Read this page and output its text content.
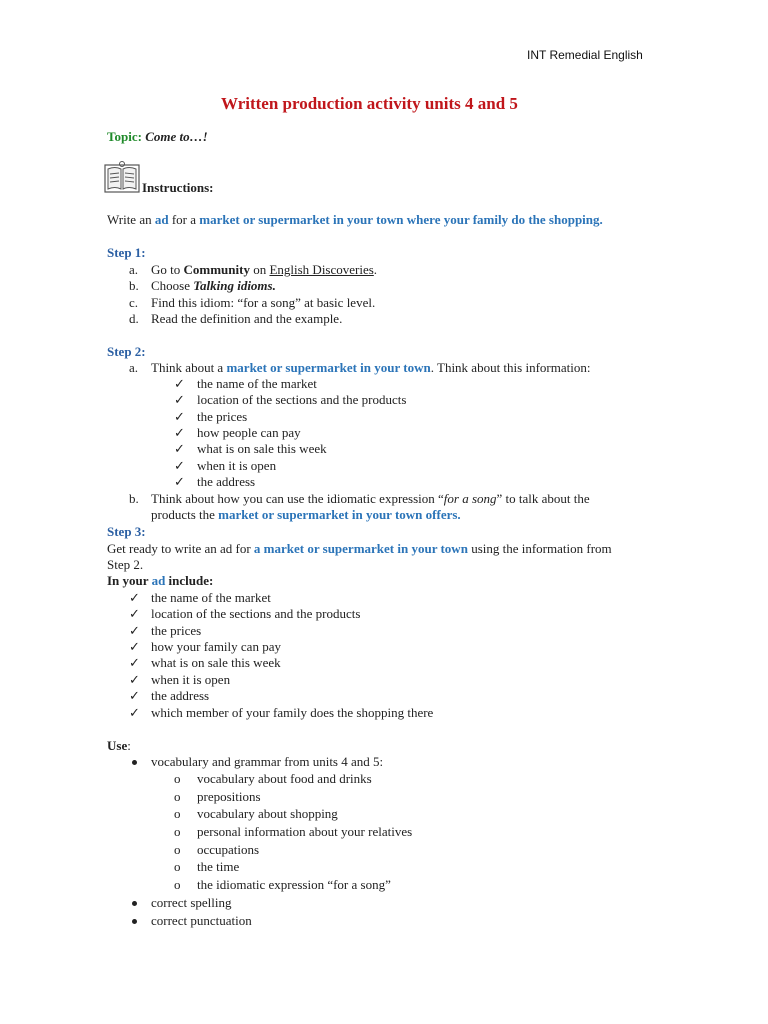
INT Remedial English
Written production activity units 4 and 5
Topic: Come to…!
Instructions:
Write an ad for a market or supermarket in your town where your family do the shopping.
Step 1:
a. Go to Community on English Discoveries.
b. Choose Talking idioms.
c. Find this idiom: “for a song” at basic level.
d. Read the definition and the example.
Step 2:
a. Think about a market or supermarket in your town. Think about this information:
✓ the name of the market
✓ location of the sections and the products
✓ the prices
✓ how people can pay
✓ what is on sale this week
✓ when it is open
✓ the address
b. Think about how you can use the idiomatic expression “for a song” to talk about the
products the market or supermarket in your town offers.
Step 3:
Get ready to write an ad for a market or supermarket in your town using the information from
Step 2.
In your ad include:
✓ the name of the market
✓ location of the sections and the products
✓ the prices
✓ how your family can pay
✓ what is on sale this week
✓ when it is open
✓ the address
✓ which member of your family does the shopping there
Use:
vocabulary and grammar from units 4 and 5:
o vocabulary about food and drinks
o prepositions
o vocabulary about shopping
o personal information about your relatives
o occupations
o the time
o the idiomatic expression “for a song”
correct spelling
correct punctuation
